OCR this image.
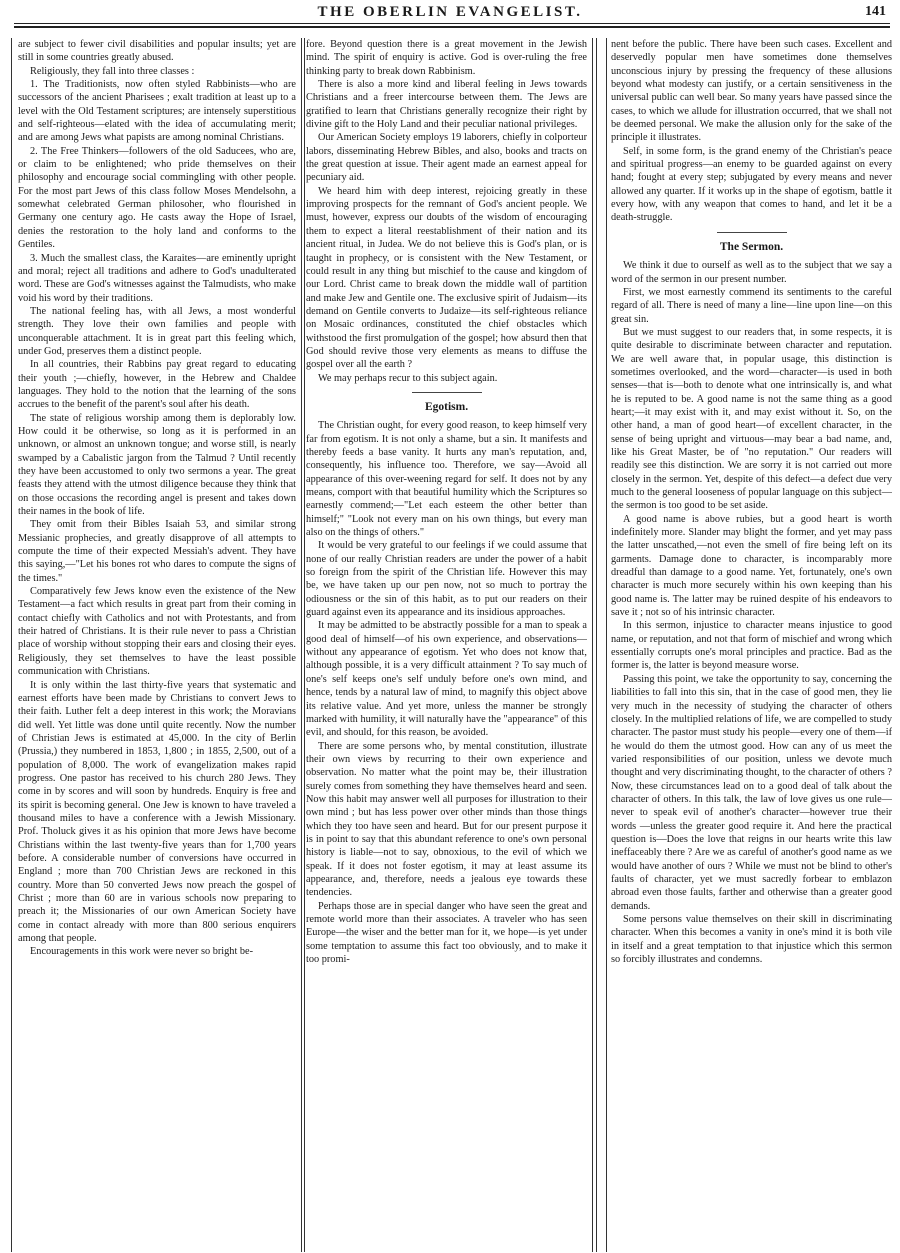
THE OBERLIN EVANGELIST.	141

are subject to fewer civil disabilities and popular insults; yet are still in some countries greatly abused.

Religiously, they fall into three classes :

1. The Traditionists, now often styled Rabbinists—who are successors of the ancient Pharisees ; exalt tradition at least up to a level with the Old Testament scriptures; are intensely superstitious and self-righteous—elated with the idea of accumulating merit; and are among Jews what papists are among nominal Christians.

2. The Free Thinkers—followers of the old Saducees, who are, or claim to be enlightened; who pride themselves on their philosophy and encourage social commingling with other people. For the most part Jews of this class follow Moses Mendelsohn, a somewhat celebrated German philosoher, who flourished in Germany one century ago. He casts away the Hope of Israel, denies the restoration to the holy land and conforms to the Gentiles.

3. Much the smallest class, the Karaites—are eminently upright and moral; reject all traditions and adhere to God's unadulterated word. These are God's witnesses against the Talmudists, who make void his word by their traditions.

The national feeling has, with all Jews, a most wonderful strength. They love their own families and people with unconquerable attachment. It is in great part this feeling which, under God, preserves them a distinct people.

In all countries, their Rabbins pay great regard to educating their youth ;—chiefly, however, in the Hebrew and Chaldee languages. They hold to the notion that the learning of the sons accrues to the benefit of the parent's soul after his death.

The state of religious worship among them is deplorably low. How could it be otherwise, so long as it is performed in an unknown, or almost an unknown tongue; and worse still, is nearly swamped by a Cabalistic jargon from the Talmud ? Until recently they have been accustomed to only two sermons a year. The great feasts they attend with the utmost diligence because they think that on those occasions the recording angel is present and takes down their names in the book of life.

They omit from their Bibles Isaiah 53, and similar strong Messianic prophecies, and greatly disapprove of all attempts to compute the time of their expected Messiah's advent. They have this saying,—"Let his bones rot who dares to compute the signs of the times."

Comparatively few Jews know even the existence of the New Testament—a fact which results in great part from their coming in contact chiefly with Catholics and not with Protestants, and from their hatred of Christians. It is their rule never to pass a Christian place of worship without stopping their ears and closing their eyes. Religiously, they set themselves to have the least possible communication with Christians.

It is only within the last thirty-five years that systematic and earnest efforts have been made by Christians to convert Jews to their faith. Luther felt a deep interest in this work; the Moravians did well. Yet little was done until quite recently. Now the number of Christian Jews is estimated at 45,000. In the city of Berlin (Prussia,) they numbered in 1853, 1,800 ; in 1855, 2,500, out of a population of 8,000. The work of evangelization makes rapid progress. One pastor has received to his church 280 Jews. They come in by scores and will soon by hundreds. Enquiry is free and its spirit is becoming general. One Jew is known to have traveled a thousand miles to have a conference with a Jewish Missionary. Prof. Tholuck gives it as his opinion that more Jews have become Christians within the last twenty-five years than for 1,700 years before. A considerable number of conversions have occurred in England ; more than 700 Christian Jews are reckoned in this country. More than 50 converted Jews now preach the gospel of Christ ; more than 60 are in various schools now preparing to preach it; the Missionaries of our own American Society have come in contact already with more than 800 serious enquirers among that people.

Encouragements in this work were never so bright be-

fore. Beyond question there is a great movement in the Jewish mind. The spirit of enquiry is active. God is over-ruling the free thinking party to break down Rabbinism.

There is also a more kind and liberal feeling in Jews towards Christians and a freer intercourse between them. The Jews are gratified to learn that Christians generally recognize their right by divine gift to the Holy Land and their peculiar national privileges.

Our American Society employs 19 laborers, chiefly in colporteur labors, disseminating Hebrew Bibles, and also, books and tracts on the great question at issue. Their agent made an earnest appeal for pecuniary aid.

We heard him with deep interest, rejoicing greatly in these improving prospects for the remnant of God's ancient people. We must, however, express our doubts of the wisdom of encouraging them to expect a literal reestablishment of their nation and its ancient ritual, in Judea. We do not believe this is God's plan, or is taught in prophecy, or is consistent with the New Testament, or could result in any thing but mischief to the cause and kingdom of our Lord. Christ came to break down the middle wall of partition and make Jew and Gentile one. The exclusive spirit of Judaism—its demand on Gentile converts to Judaize—its self-righteous reliance on Mosaic ordinances, constituted the chief obstacles which withstood the first promulgation of the gospel; how absurd then that God should revive those very elements as means to diffuse the gospel over all the earth ?

We may perhaps recur to this subject again.

Egotism.

The Christian ought, for every good reason, to keep himself very far from egotism. It is not only a shame, but a sin. It manifests and thereby feeds a base vanity. It hurts any man's reputation, and, consequently, his influence too. Therefore, we say—Avoid all appearance of this over-weening regard for self. It does not by any means, comport with that beautiful humility which the Scriptures so earnestly commend;—"Let each esteem the other better than himself;" "Look not every man on his own things, but every man also on the things of others."

It would be very grateful to our feelings if we could assume that none of our really Christian readers are under the power of a habit so foreign from the spirit of the Christian life. However this may be, we have taken up our pen now, not so much to portray the odiousness or the sin of this habit, as to put our readers on their guard against even its appearance and its insidious approaches.

It may be admitted to be abstractly possible for a man to speak a good deal of himself—of his own experience, and observations—without any appearance of egotism. Yet who does not know that, although possible, it is a very difficult attainment ? To say much of one's self keeps one's self unduly before one's own mind, and hence, tends by a natural law of mind, to magnify this object above its relative value. And yet more, unless the manner be strongly marked with humility, it will naturally have the "appearance" of this evil, and should, for this reason, be avoided.

There are some persons who, by mental constitution, illustrate their own views by recurring to their own experience and observation. No matter what the point may be, their illustration surely comes from something they have themselves heard and seen. Now this habit may answer well all purposes for illustration to their own mind ; but has less power over other minds than those things which they too have seen and heard. But for our present purpose it is in point to say that this abundant reference to one's own personal history is liable—not to say, obnoxious, to the evil of which we speak. If it does not foster egotism, it may at least assume its appearance, and, therefore, needs a jealous eye towards these tendencies.

Perhaps those are in special danger who have seen the great and remote world more than their associates. A traveler who has seen Europe—the wiser and the better man for it, we hope—is yet under some temptation to assume this fact too obviously, and to make it too promi-

nent before the public. There have been such cases. Excellent and deservedly popular men have sometimes done themselves unconscious injury by pressing the frequency of these allusions beyond what modesty can justify, or a certain sensitiveness in the universal public can well bear. So many years have passed since the cases, to which we allude for illustration occurred, that we shall not be deemed personal. We make the allusion only for the sake of the principle it illustrates.

Self, in some form, is the grand enemy of the Christian's peace and spiritual progress—an enemy to be guarded against on every hand; fought at every step; subjugated by every means and never allowed any quarter. If it works up in the shape of egotism, battle it every how, with any weapon that comes to hand, and let it be a death-struggle.

The Sermon.

We think it due to ourself as well as to the subject that we say a word of the sermon in our present number.

First, we most earnestly commend its sentiments to the careful regard of all. There is need of many a line—line upon line—on this great sin.

But we must suggest to our readers that, in some respects, it is quite desirable to discriminate between character and reputation. We are well aware that, in popular usage, this distinction is sometimes overlooked, and the word—character—is used in both senses—that is—both to denote what one intrinsically is, and what he is reputed to be. A good name is not the same thing as a good heart;—it may exist with it, and may exist without it. So, on the other hand, a man of good heart—of excellent character, in the sense of being upright and virtuous—may bear a bad name, and, like his Great Master, be of "no reputation." Our readers will readily see this distinction. We are sorry it is not carried out more closely in the sermon. Yet, despite of this defect—a defect due very much to the general looseness of popular language on this subject—the sermon is too good to be set aside.

A good name is above rubies, but a good heart is worth indefinitely more. Slander may blight the former, and yet may pass the latter unscathed,—not even the smell of fire being left on its garments. Damage done to character, is incomparably more dreadful than damage to a good name. Yet, fortunately, one's own character is much more securely within his own keeping than his good name is. The latter may be ruined despite of his endeavors to save it ; not so of his intrinsic character.

In this sermon, injustice to character means injustice to good name, or reputation, and not that form of mischief and wrong which essentially corrupts one's moral principles and practice. Bad as the former is, the latter is beyond measure worse.

Passing this point, we take the opportunity to say, concerning the liabilities to fall into this sin, that in the case of good men, they lie very much in the necessity of studying the character of others closely. In the multiplied relations of life, we are compelled to study character. The pastor must study his people—every one of them—if he would do them the utmost good. How can any of us meet the varied responsibilities of our position, unless we devote much thought and very discriminating thought, to the character of others ? Now, these circumstances lead on to a good deal of talk about the character of others. In this talk, the law of love gives us one rule—never to speak evil of another's character—however true their words —unless the greater good require it. And here the practical question is—Does the love that reigns in our hearts write this law ineffaceably there ? Are we as careful of another's good name as we would have another of ours ? While we must not be blind to other's faults of character, yet we must sacredly forbear to emblazon abroad even those faults, farther and otherwise than a greater good demands.

Some persons value themselves on their skill in discriminating character. When this becomes a vanity in one's mind it is both vile in itself and a great temptation to that injustice which this sermon so forcibly illustrates and condemns.
